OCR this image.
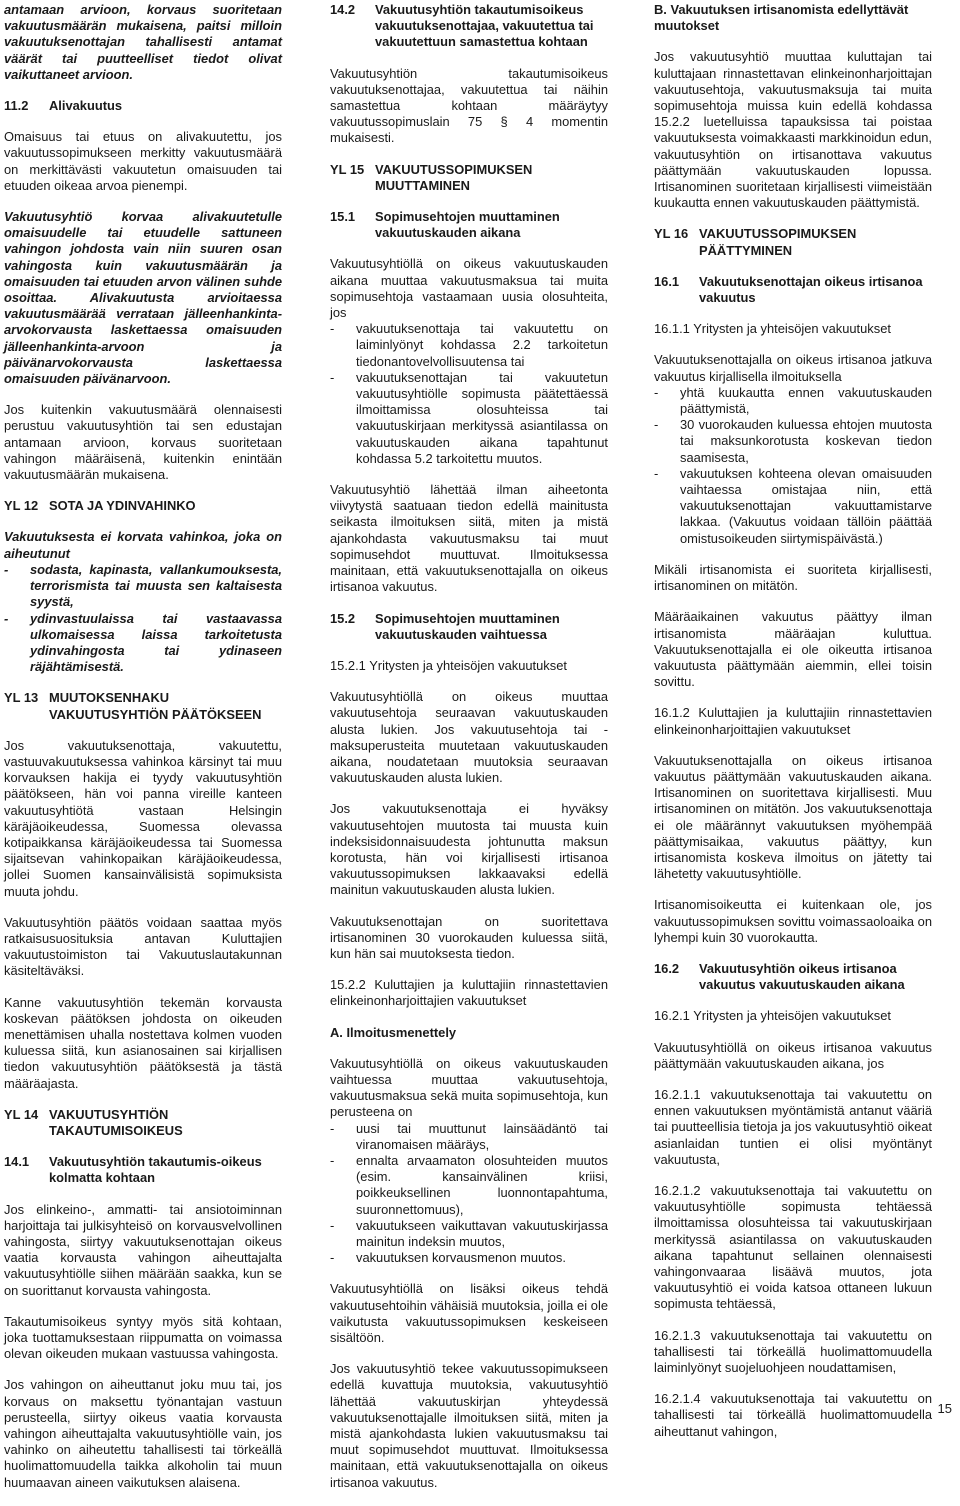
antamaan arvioon, korvaus suoritetaan vakuutusmäärän mukaisena, paitsi milloin vakuutuksenottajan tahallisesti antamat väärät tai puutteelliset tiedot olivat vaikuttaneet arvioon.
11.2	Alivakuutus
Omaisuus tai etuus on alivakuutettu, jos vakuutussopimukseen merkitty vakuutusmäärä on merkittävästi vakuutetun omaisuuden tai etuuden oikeaa arvoa pienempi.
Vakuutusyhtiö korvaa alivakuutetulle omaisuudelle tai etuudelle sattuneen vahingon johdosta vain niin suuren osan vahingosta kuin vakuutusmäärän ja omaisuuden tai etuuden arvon välinen suhde osoittaa. Alivakuutusta arvioitaessa vakuutusmäärää verrataan jälleenhankinta-arvokorvausta laskettaessa omaisuuden jälleenhankinta-arvoon ja päivänarvokorvausta laskettaessa omaisuuden päivänarvoon.
Jos kuitenkin vakuutusmäärä olennaisesti perustuu vakuutusyhtiön tai sen edustajan antamaan arvioon, korvaus suoritetaan vahingon määräisenä, kuitenkin enintään vakuutusmäärän mukaisena.
YL 12 SOTA JA YDINVAHINKO
Vakuutuksesta ei korvata vahinkoa, joka on aiheutunut
-	sodasta, kapinasta, vallankumouksesta, terrorismista tai muusta sen kaltaisesta syystä,
-	ydinvastuulaissa tai vastaavassa ulkomaisessa laissa tarkoitetusta ydinvahingosta tai ydinaseen räjähtämisestä.
YL 13 MUUTOKSENHAKU VAKUUTUSYHTIÖN PÄÄTÖKSEEN
Jos vakuutuksenottaja, vakuutettu, vastuuvakuutuksessa vahinkoa kärsinyt tai muu korvauksen hakija ei tyydy vakuutusyhtiön päätökseen, hän voi panna vireille kanteen vakuutusyhtiötä vastaan Helsingin käräjäoikeudessa, Suomessa olevassa kotipaikkansa käräjäoikeudessa tai Suomessa sijaitsevan vahinkopaikan käräjäoikeudessa, jollei Suomen kansainvälisistä sopimuksista muuta johdu.
Vakuutusyhtiön päätös voidaan saattaa myös ratkaisusuosituksia antavan Kuluttajien vakuutustoimiston tai Vakuutuslautakunnan käsiteltäväksi.
Kanne vakuutusyhtiön tekemän korvausta koskevan päätöksen johdosta on oikeuden menettämisen uhalla nostettava kolmen vuoden kuluessa siitä, kun asianosainen sai kirjallisen tiedon vakuutusyhtiön päätöksestä ja tästä määräajasta.
YL 14 VAKUUTUSYHTIÖN TAKAUTUMISOIKEUS
14.1	Vakuutusyhtiön takautumis-oikeus kolmatta kohtaan
Jos elinkeino-, ammatti- tai ansiotoiminnan harjoittaja tai julkisyhteisö on korvausvelvollinen vahingosta, siirtyy vakuutuksenottajan oikeus vaatia korvausta vahingon aiheuttajalta vakuutusyhtiölle siihen määrään saakka, kun se on suorittanut korvausta vahingosta.
Takautumisoikeus syntyy myös sitä kohtaan, joka tuottamuksestaan riippumatta on voimassa olevan oikeuden mukaan vastuussa vahingosta.
Jos vahingon on aiheuttanut joku muu tai, jos korvaus on maksettu työnantajan vastuun perusteella, siirtyy oikeus vaatia korvausta vahingon aiheuttajalta vakuutusyhtiölle vain, jos vahinko on aiheutettu tahallisesti tai törkeällä huolimattomuudella taikka alkoholin tai muun huumaavan aineen vaikutuksen alaisena.
14.2	Vakuutusyhtiön takautumisoikeus vakuutuksenottajaa, vakuutettua tai vakuutettuun samastettua kohtaan
Vakuutusyhtiön takautumisoikeus vakuutuksenottajaa, vakuutettua tai näihin samastettua kohtaan määräytyy vakuutussopimuslain 75 § 4 momentin mukaisesti.
YL 15 VAKUUTUSSOPIMUKSEN MUUTTAMINEN
15.1	Sopimusehtojen muuttaminen vakuutuskauden aikana
Vakuutusyhtiöllä on oikeus vakuutuskauden aikana muuttaa vakuutusmaksua tai muita sopimusehtoja vastaamaan uusia olosuhteita, jos
-	vakuutuksenottaja tai vakuutettu on laiminlyönyt kohdassa 2.2 tarkoitetun tiedonantovelvollisuutensa tai
-	vakuutuksenottajan tai vakuutetun vakuutusyhtiölle sopimusta päätettäessä ilmoittamissa olosuhteissa tai vakuutuskirjaan merkityssä asiantilassa on vakuutuskauden aikana tapahtunut kohdassa 5.2 tarkoitettu muutos.
Vakuutusyhtiö lähettää ilman aiheetonta viivytystä saatuaan tiedon edellä mainitusta seikasta ilmoituksen siitä, miten ja mistä ajankohdasta vakuutusmaksu tai muut sopimusehdot muuttuvat. Ilmoituksessa mainitaan, että vakuutuksenottajalla on oikeus irtisanoa vakuutus.
15.2	Sopimusehtojen muuttaminen vakuutuskauden vaihtuessa
15.2.1 Yritysten ja yhteisöjen vakuutukset
Vakuutusyhtiöllä on oikeus muuttaa vakuutusehtoja seuraavan vakuutuskauden alusta lukien. Jos vakuutusehtoja tai -maksuperusteita muutetaan vakuutuskauden aikana, noudatetaan muutoksia seuraavan vakuutuskauden alusta lukien.
Jos vakuutuksenottaja ei hyväksy vakuutusehtojen muutosta tai muusta kuin indeksisidonnaisuudesta johtunutta maksun korotusta, hän voi kirjallisesti irtisanoa vakuutussopimuksen lakkaavaksi edellä mainitun vakuutuskauden alusta lukien.
Vakuutuksenottajan on suoritettava irtisanominen 30 vuorokauden kuluessa siitä, kun hän sai muutoksesta tiedon.
15.2.2 Kuluttajien ja kuluttajiin rinnastettavien elinkeinonharjoittajien vakuutukset
A. Ilmoitusmenettely
Vakuutusyhtiöllä on oikeus vakuutuskauden vaihtuessa muuttaa vakuutusehtoja, vakuutusmaksua sekä muita sopimusehtoja, kun perusteena on
-	uusi tai muuttunut lainsäädäntö tai viranomaisen määräys,
-	ennalta arvaamaton olosuhteiden muutos (esim. kansainvälinen kriisi, poikkeuksellinen luonnontapahtuma, suuronnettomuus),
-	vakuutukseen vaikuttavan vakuutuskirjassa mainitun indeksin muutos,
-	vakuutuksen korvausmenon muutos.
Vakuutusyhtiöllä on lisäksi oikeus tehdä vakuutusehtoihin vähäisiä muutoksia, joilla ei ole vaikutusta vakuutussopimuksen keskeiseen sisältöön.
Jos vakuutusyhtiö tekee vakuutussopimukseen edellä kuvattuja muutoksia, vakuutusyhtiö lähettää vakuutuskirjan yhteydessä vakuutuksenottajalle ilmoituksen siitä, miten ja mistä ajankohdasta lukien vakuutusmaksu tai muut sopimusehdot muuttuvat. Ilmoituksessa mainitaan, että vakuutuksenottajalla on oikeus irtisanoa vakuutus.
B. Vakuutuksen irtisanomista edellyttävät muutokset
Jos vakuutusyhtiö muuttaa kuluttajan tai kuluttajaan rinnastettavan elinkeinonharjoittajan vakuutusehtoja, vakuutusmaksuja tai muita sopimusehtoja muissa kuin edellä kohdassa 15.2.2 luetelluissa tapauksissa tai poistaa vakuutuksesta voimakkaasti markkinoidun edun, vakuutusyhtiön on irtisanottava vakuutus päättymään vakuutuskauden lopussa. Irtisanominen suoritetaan kirjallisesti viimeistään kuukautta ennen vakuutuskauden päättymistä.
YL 16 VAKUUTUSSOPIMUKSEN PÄÄTTYMINEN
16.1	Vakuutuksenottajan oikeus irtisanoa vakuutus
16.1.1 Yritysten ja yhteisöjen vakuutukset
Vakuutuksenottajalla on oikeus irtisanoa jatkuva vakuutus kirjallisella ilmoituksella
-	yhtä kuukautta ennen vakuutuskauden päättymistä,
-	30 vuorokauden kuluessa ehtojen muutosta tai maksunkorotusta koskevan tiedon saamisesta,
-	vakuutuksen kohteena olevan omaisuuden vaihtaessa omistajaa niin, että vakuutuksenottajan vakuuttamistarve lakkaa. (Vakuutus voidaan tällöin päättää omistusoikeuden siirtymispäivästä.)
Mikäli irtisanomista ei suoriteta kirjallisesti, irtisanominen on mitätön.
Määräaikainen vakuutus päättyy ilman irtisanomista määräajan kuluttua. Vakuutuksenottajalla ei ole oikeutta irtisanoa vakuutusta päättymään aiemmin, ellei toisin sovittu.
16.1.2 Kuluttajien ja kuluttajiin rinnastettavien elinkeinonharjoittajien vakuutukset
Vakuutuksenottajalla on oikeus irtisanoa vakuutus päättymään vakuutuskauden aikana. Irtisanominen on suoritettava kirjallisesti. Muu irtisanominen on mitätön. Jos vakuutuksenottaja ei ole määrännyt vakuutuksen myöhempää päättymisaikaa, vakuutus päättyy, kun irtisanomista koskeva ilmoitus on jätetty tai lähetetty vakuutusyhtiölle.
Irtisanomisoikeutta ei kuitenkaan ole, jos vakuutussopimuksen sovittu voimassaoloaika on lyhempi kuin 30 vuorokautta.
16.2	Vakuutusyhtiön oikeus irtisanoa vakuutus vakuutuskauden aikana
16.2.1 Yritysten ja yhteisöjen vakuutukset
Vakuutusyhtiöllä on oikeus irtisanoa vakuutus päättymään vakuutuskauden aikana, jos
16.2.1.1 vakuutuksenottaja tai vakuutettu on ennen vakuutuksen myöntämistä antanut vääriä tai puutteellisia tietoja ja jos vakuutusyhtiö oikeat asianlaidan tuntien ei olisi myöntänyt vakuutusta,
16.2.1.2 vakuutuksenottaja tai vakuutettu on vakuutusyhtiölle sopimusta tehtäessä ilmoittamissa olosuhteissa tai vakuutuskirjaan merkityssä asiantilassa on vakuutuskauden aikana tapahtunut sellainen olennaisesti vahingonvaaraa lisäävä muutos, jota vakuutusyhtiö ei voida katsoa ottaneen lukuun sopimusta tehtäessä,
16.2.1.3 vakuutuksenottaja tai vakuutettu on tahallisesti tai törkeällä huolimattomuudella laiminlyönyt suojeluohjeen noudattamisen,
16.2.1.4 vakuutuksenottaja tai vakuutettu on tahallisesti tai törkeällä huolimattomuudella aiheuttanut vahingon,
15
